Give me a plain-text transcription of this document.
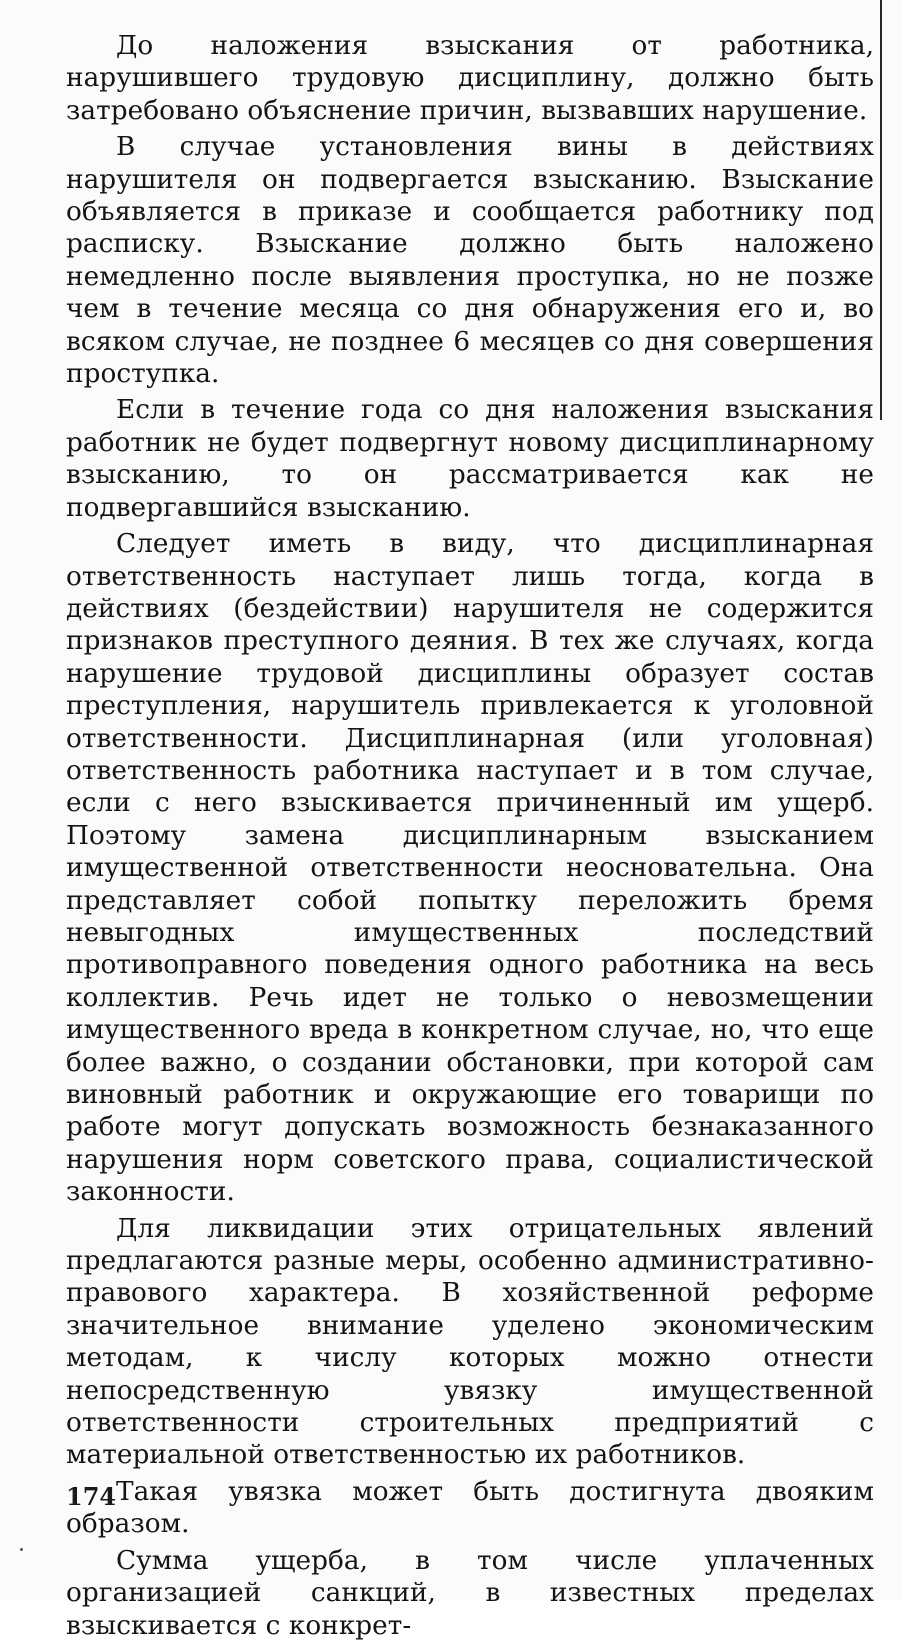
До наложения взыскания от работника, нарушившего трудовую дисциплину, должно быть затребовано объяснение причин, вызвавших нарушение.

В случае установления вины в действиях нарушителя он подвергается взысканию. Взыскание объявляется в приказе и сообщается работнику под расписку. Взыскание должно быть наложено немедленно после выявления проступка, но не позже чем в течение месяца со дня обнаружения его и, во всяком случае, не позднее 6 месяцев со дня совершения проступка.

Если в течение года со дня наложения взыскания работник не будет подвергнут новому дисциплинарному взысканию, то он рассматривается как не подвергавшийся взысканию.

Следует иметь в виду, что дисциплинарная ответственность наступает лишь тогда, когда в действиях (бездействии) нарушителя не содержится признаков преступного деяния. В тех же случаях, когда нарушение трудовой дисциплины образует состав преступления, нарушитель привлекается к уголовной ответственности. Дисциплинарная (или уголовная) ответственность работника наступает и в том случае, если с него взыскивается причиненный им ущерб. Поэтому замена дисциплинарным взысканием имущественной ответственности неосновательна. Она представляет собой попытку переложить бремя невыгодных имущественных последствий противоправного поведения одного работника на весь коллектив. Речь идет не только о невозмещении имущественного вреда в конкретном случае, но, что еще более важно, о создании обстановки, при которой сам виновный работник и окружающие его товарищи по работе могут допускать возможность безнаказанного нарушения норм советского права, социалистической законности.

Для ликвидации этих отрицательных явлений предлагаются разные меры, особенно административно-правового характера. В хозяйственной реформе значительное внимание уделено экономическим методам, к числу которых можно отнести непосредственную увязку имущественной ответственности строительных предприятий с материальной ответственностью их работников.

Такая увязка может быть достигнута двояким образом.

Сумма ущерба, в том числе уплаченных организацией санкций, в известных пределах взыскивается с конкрет-

174
